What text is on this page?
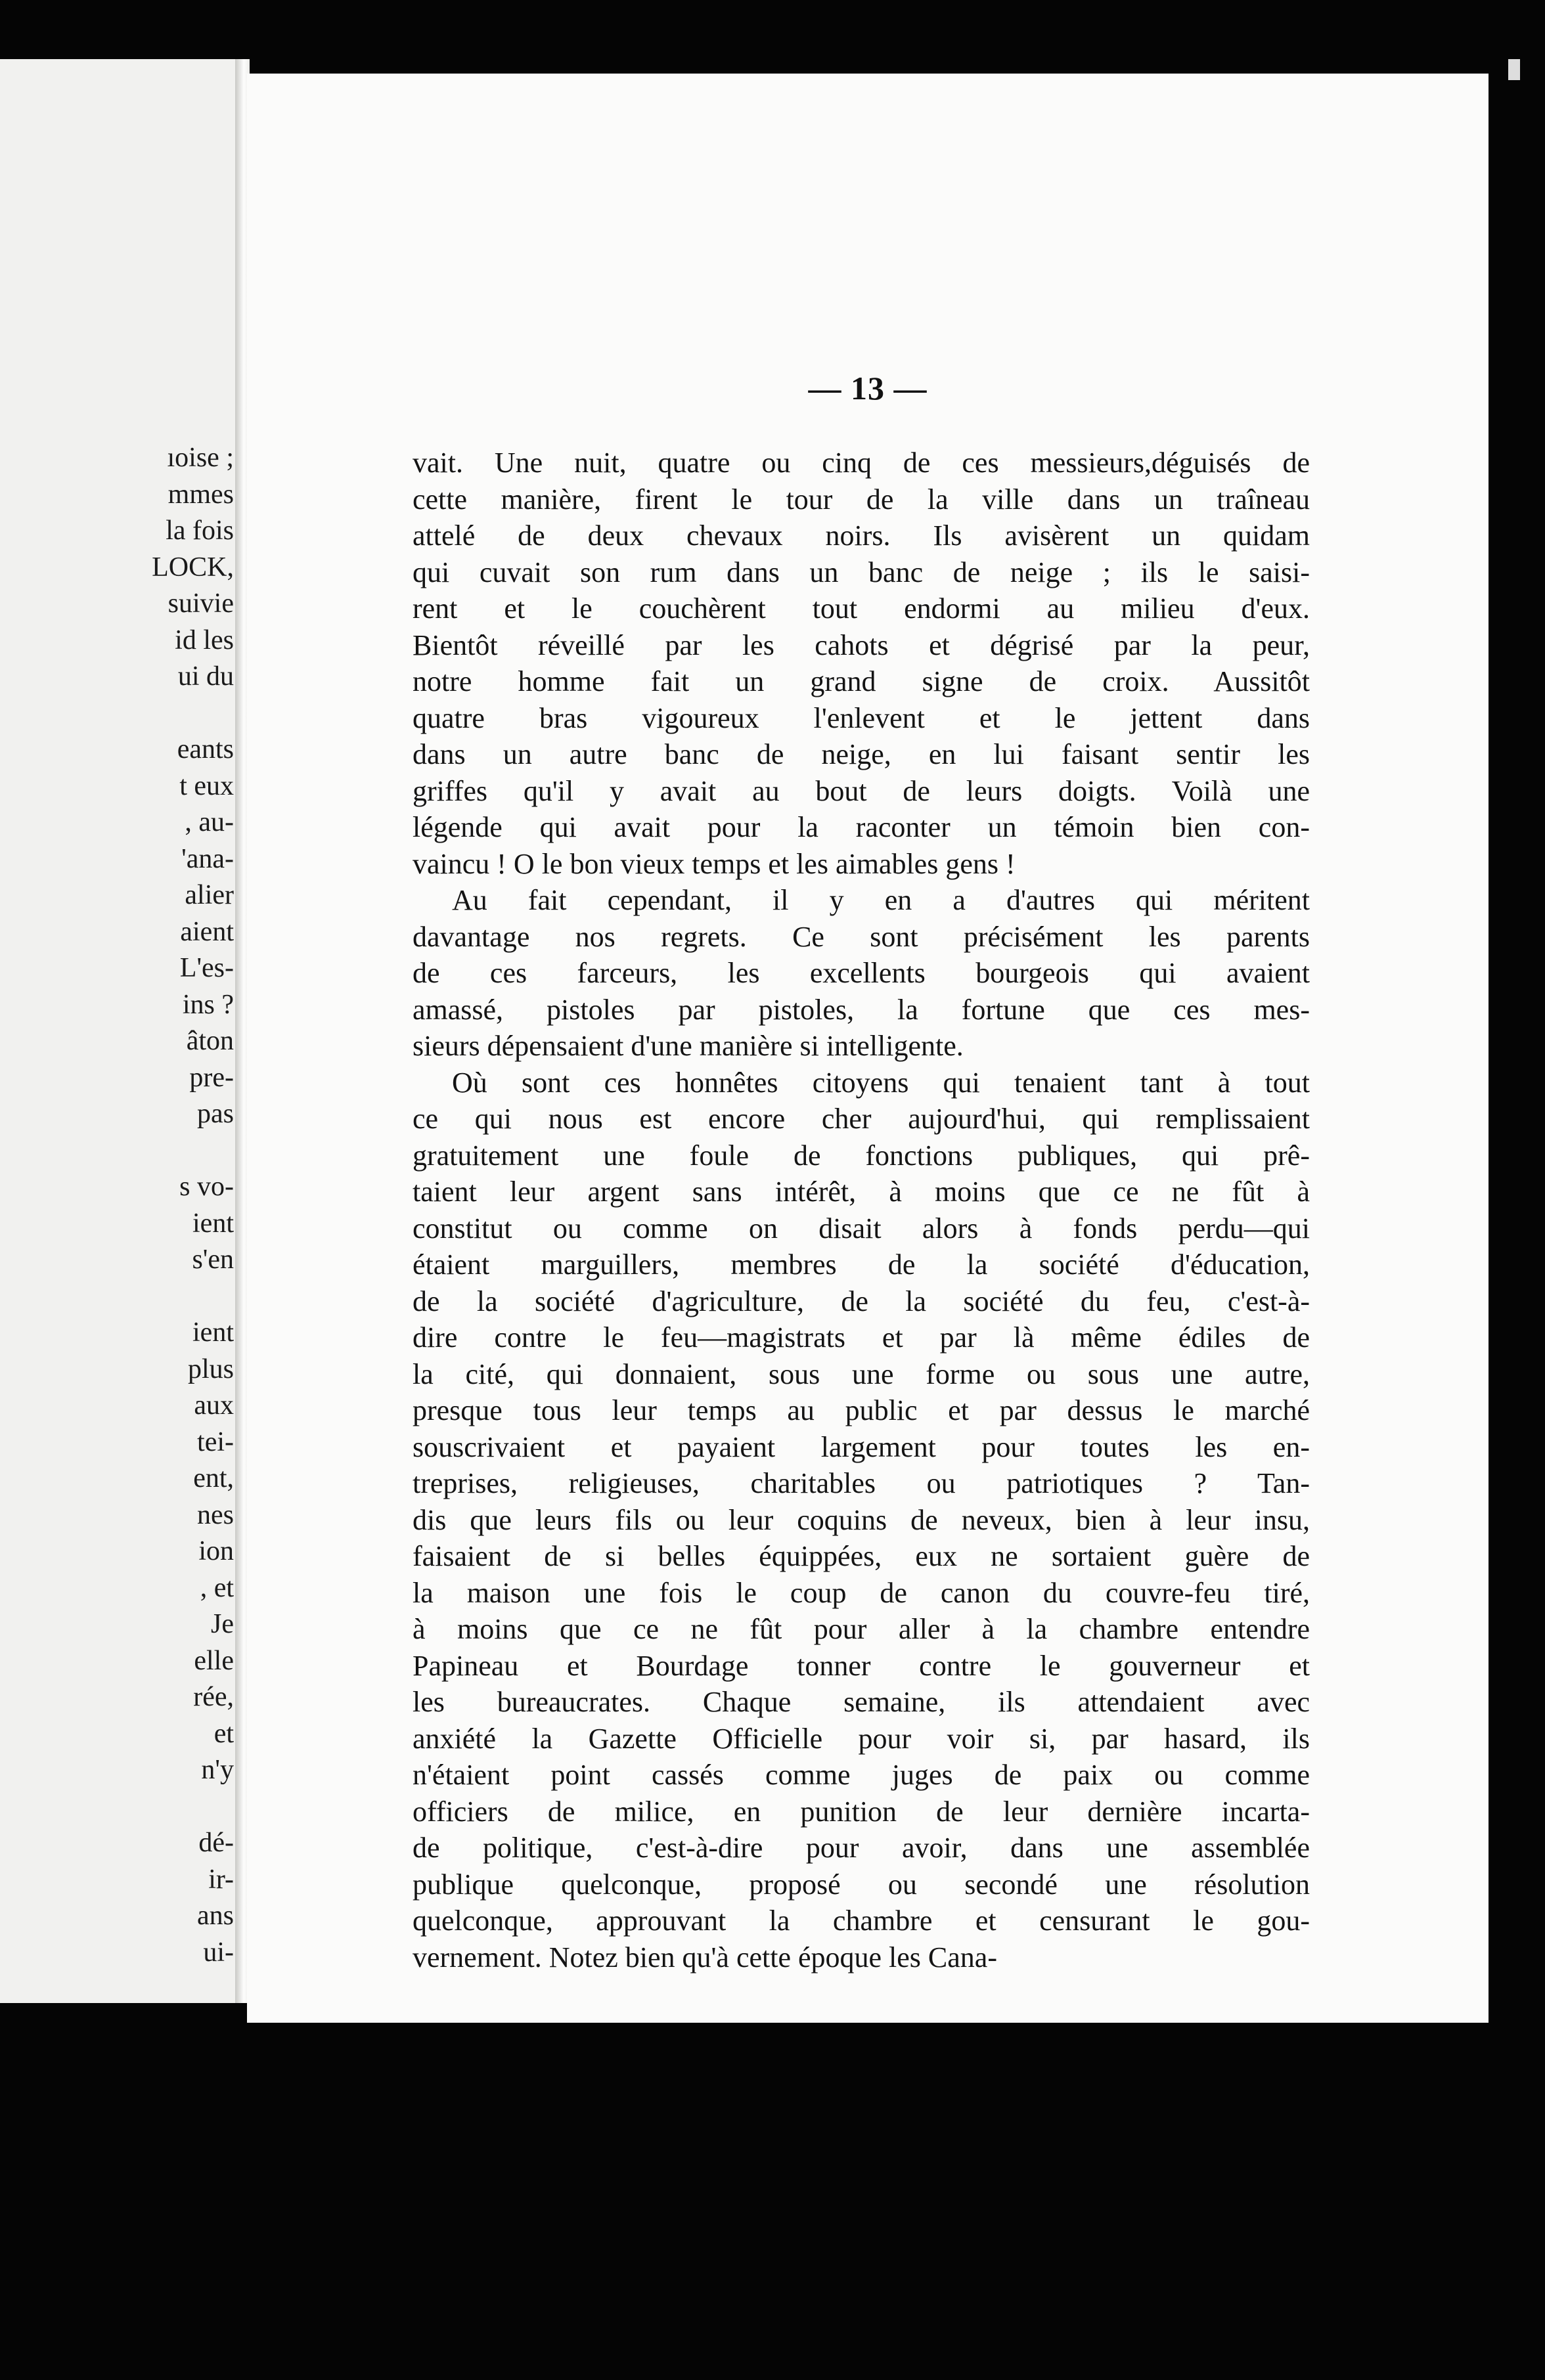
ıoise ;
mmes
la fois
LOCK,
suivie
id les
ui du
eants
t eux
, au-
'ana-
alier
aient
L'es-
ins ?
âton
pre-
pas
s vo-
ient
s'en
ient
plus
aux
tei-
ent,
nes
ion
, et
Je
elle
rée,
et
n'y
dé-
ir-
ans
ui-
— 13 —
vait. Une nuit, quatre ou cinq de ces messieurs,déguisés de
cette manière, firent le tour de la ville dans un traîneau
attelé de deux chevaux noirs. Ils avisèrent un quidam
qui cuvait son rum dans un banc de neige ; ils le saisi-
rent et le couchèrent tout endormi au milieu d'eux.
Bientôt réveillé par les cahots et dégrisé par la peur,
notre homme fait un grand signe de croix. Aussitôt
quatre bras vigoureux l'enlevent et le jettent dans
dans un autre banc de neige, en lui faisant sentir les
griffes qu'il y avait au bout de leurs doigts. Voilà une
légende qui avait pour la raconter un témoin bien con-
vaincu ! O le bon vieux temps et les aimables gens !
Au fait cependant, il y en a d'autres qui méritent
davantage nos regrets. Ce sont précisément les parents
de ces farceurs, les excellents bourgeois qui avaient
amassé, pistoles par pistoles, la fortune que ces mes-
sieurs dépensaient d'une manière si intelligente.
Où sont ces honnêtes citoyens qui tenaient tant à tout
ce qui nous est encore cher aujourd'hui, qui remplissaient
gratuitement une foule de fonctions publiques, qui prê-
taient leur argent sans intérêt, à moins que ce ne fût à
constitut ou comme on disait alors à fonds perdu—qui
étaient marguillers, membres de la société d'éducation,
de la société d'agriculture, de la société du feu, c'est-à-
dire contre le feu—magistrats et par là même édiles de
la cité, qui donnaient, sous une forme ou sous une autre,
presque tous leur temps au public et par dessus le marché
souscrivaient et payaient largement pour toutes les en-
treprises, religieuses, charitables ou patriotiques ? Tan-
dis que leurs fils ou leur coquins de neveux, bien à leur insu,
faisaient de si belles équippées, eux ne sortaient guère de
la maison une fois le coup de canon du couvre-feu tiré,
à moins que ce ne fût pour aller à la chambre entendre
Papineau et Bourdage tonner contre le gouverneur et
les bureaucrates. Chaque semaine, ils attendaient avec
anxiété la Gazette Officielle pour voir si, par hasard, ils
n'étaient point cassés comme juges de paix ou comme
officiers de milice, en punition de leur dernière incarta-
de politique, c'est-à-dire pour avoir, dans une assemblée
publique quelconque, proposé ou secondé une résolution
quelconque, approuvant la chambre et censurant le gou-
vernement. Notez bien qu'à cette époque les Cana-
